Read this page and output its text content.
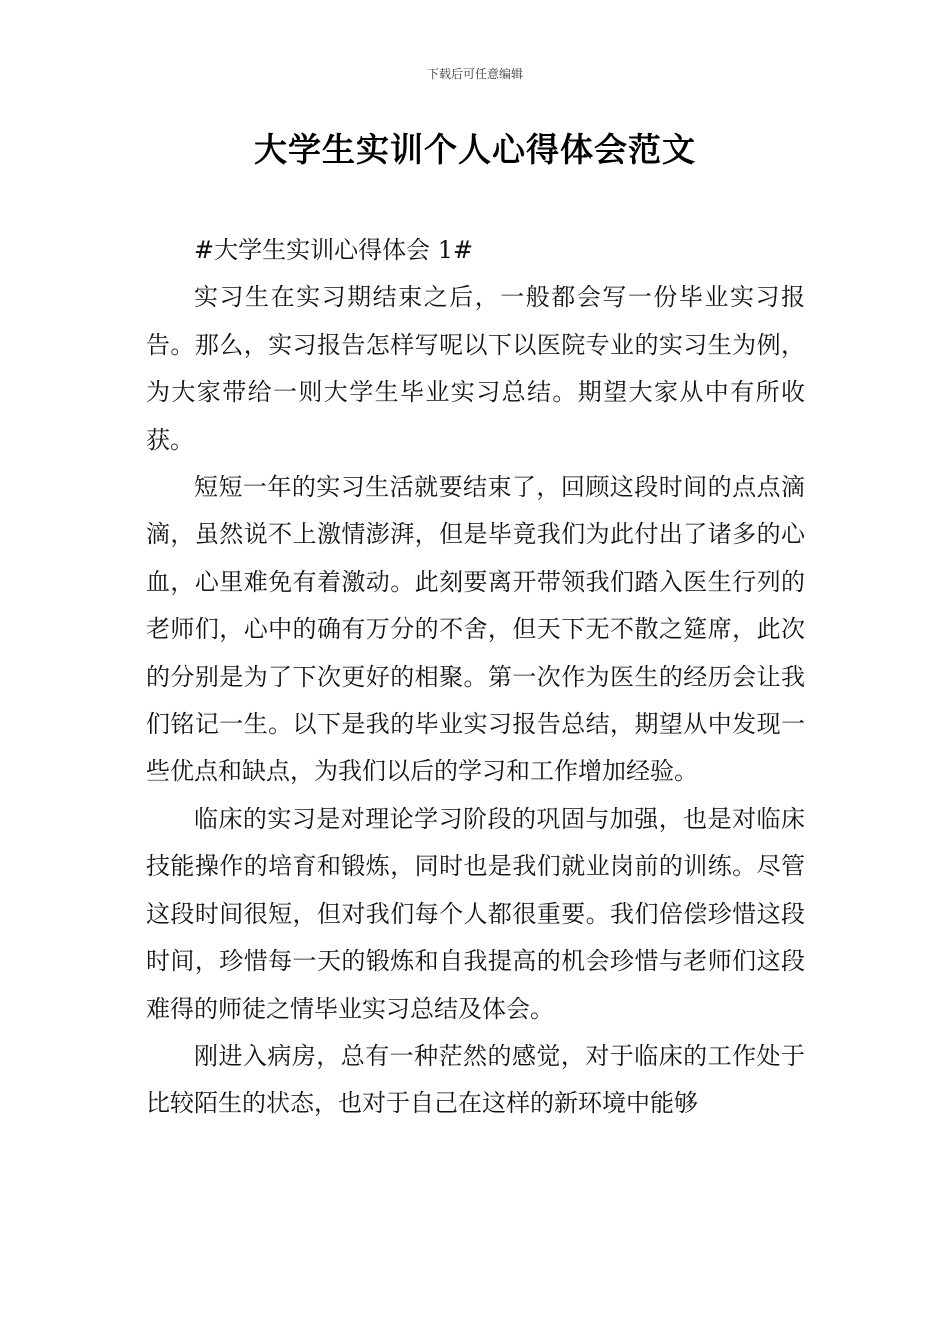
下载后可任意编辑
大学生实训个人心得体会范文

#大学生实训心得体会 1#

实习生在实习期结束之后，一般都会写一份毕业实习报告。那么，实习报告怎样写呢以下以医院专业的实习生为例，为大家带给一则大学生毕业实习总结。期望大家从中有所收获。

短短一年的实习生活就要结束了，回顾这段时间的点点滴滴，虽然说不上激情澎湃，但是毕竟我们为此付出了诸多的心血，心里难免有着激动。此刻要离开带领我们踏入医生行列的老师们，心中的确有万分的不舍，但天下无不散之筵席，此次的分别是为了下次更好的相聚。第一次作为医生的经历会让我们铭记一生。以下是我的毕业实习报告总结，期望从中发现一些优点和缺点，为我们以后的学习和工作增加经验。

临床的实习是对理论学习阶段的巩固与加强，也是对临床技能操作的培育和锻炼，同时也是我们就业岗前的训练。尽管这段时间很短，但对我们每个人都很重要。我们倍偿珍惜这段时间，珍惜每一天的锻炼和自我提高的机会珍惜与老师们这段难得的师徒之情毕业实习总结及体会。

刚进入病房，总有一种茫然的感觉，对于临床的工作处于比较陌生的状态，也对于自己在这样的新环境中能够
